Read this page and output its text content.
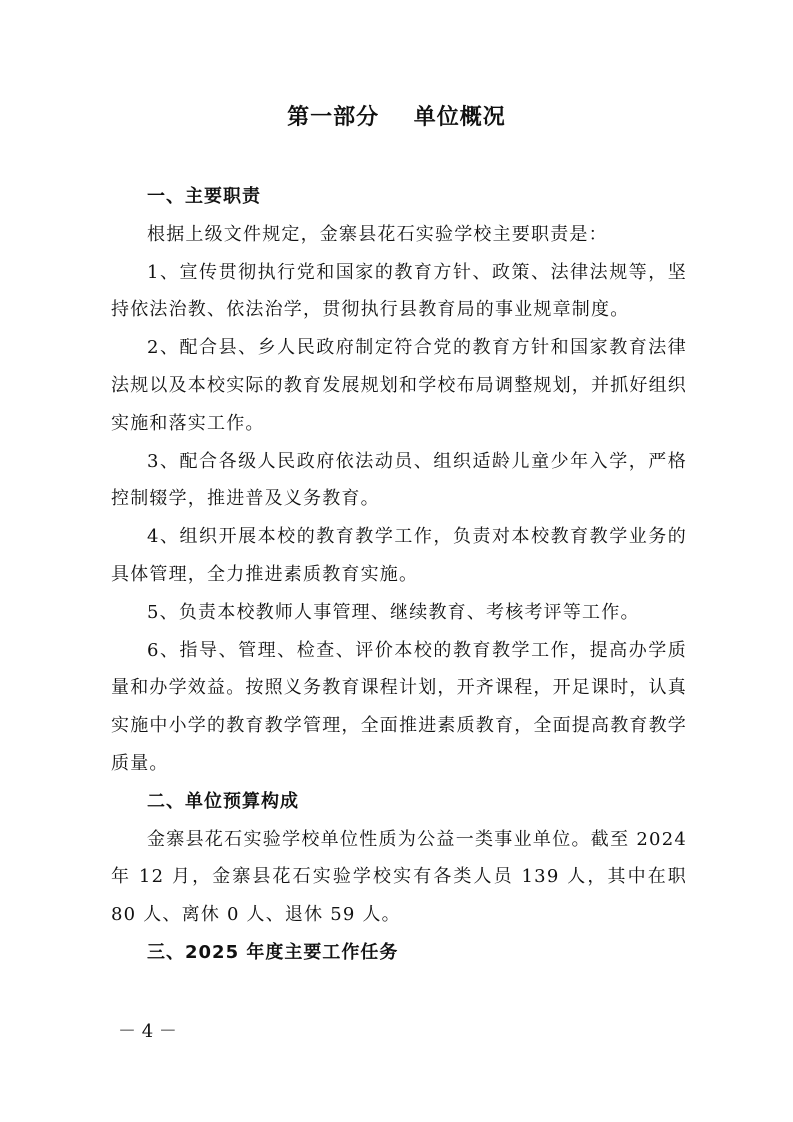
第一部分    单位概况

一、主要职责

根据上级文件规定，金寨县花石实验学校主要职责是：

1、宣传贯彻执行党和国家的教育方针、政策、法律法规等，坚持依法治教、依法治学，贯彻执行县教育局的事业规章制度。

2、配合县、乡人民政府制定符合党的教育方针和国家教育法律法规以及本校实际的教育发展规划和学校布局调整规划，并抓好组织实施和落实工作。

3、配合各级人民政府依法动员、组织适龄儿童少年入学，严格控制辍学，推进普及义务教育。

4、组织开展本校的教育教学工作，负责对本校教育教学业务的具体管理，全力推进素质教育实施。

5、负责本校教师人事管理、继续教育、考核考评等工作。

6、指导、管理、检查、评价本校的教育教学工作，提高办学质量和办学效益。按照义务教育课程计划，开齐课程，开足课时，认真实施中小学的教育教学管理，全面推进素质教育，全面提高教育教学质量。

二、单位预算构成

金寨县花石实验学校单位性质为公益一类事业单位。截至 2024 年 12 月，金寨县花石实验学校实有各类人员 139 人，其中在职 80 人、离休 0 人、退休 59 人。

三、2025 年度主要工作任务

－ 4 －
